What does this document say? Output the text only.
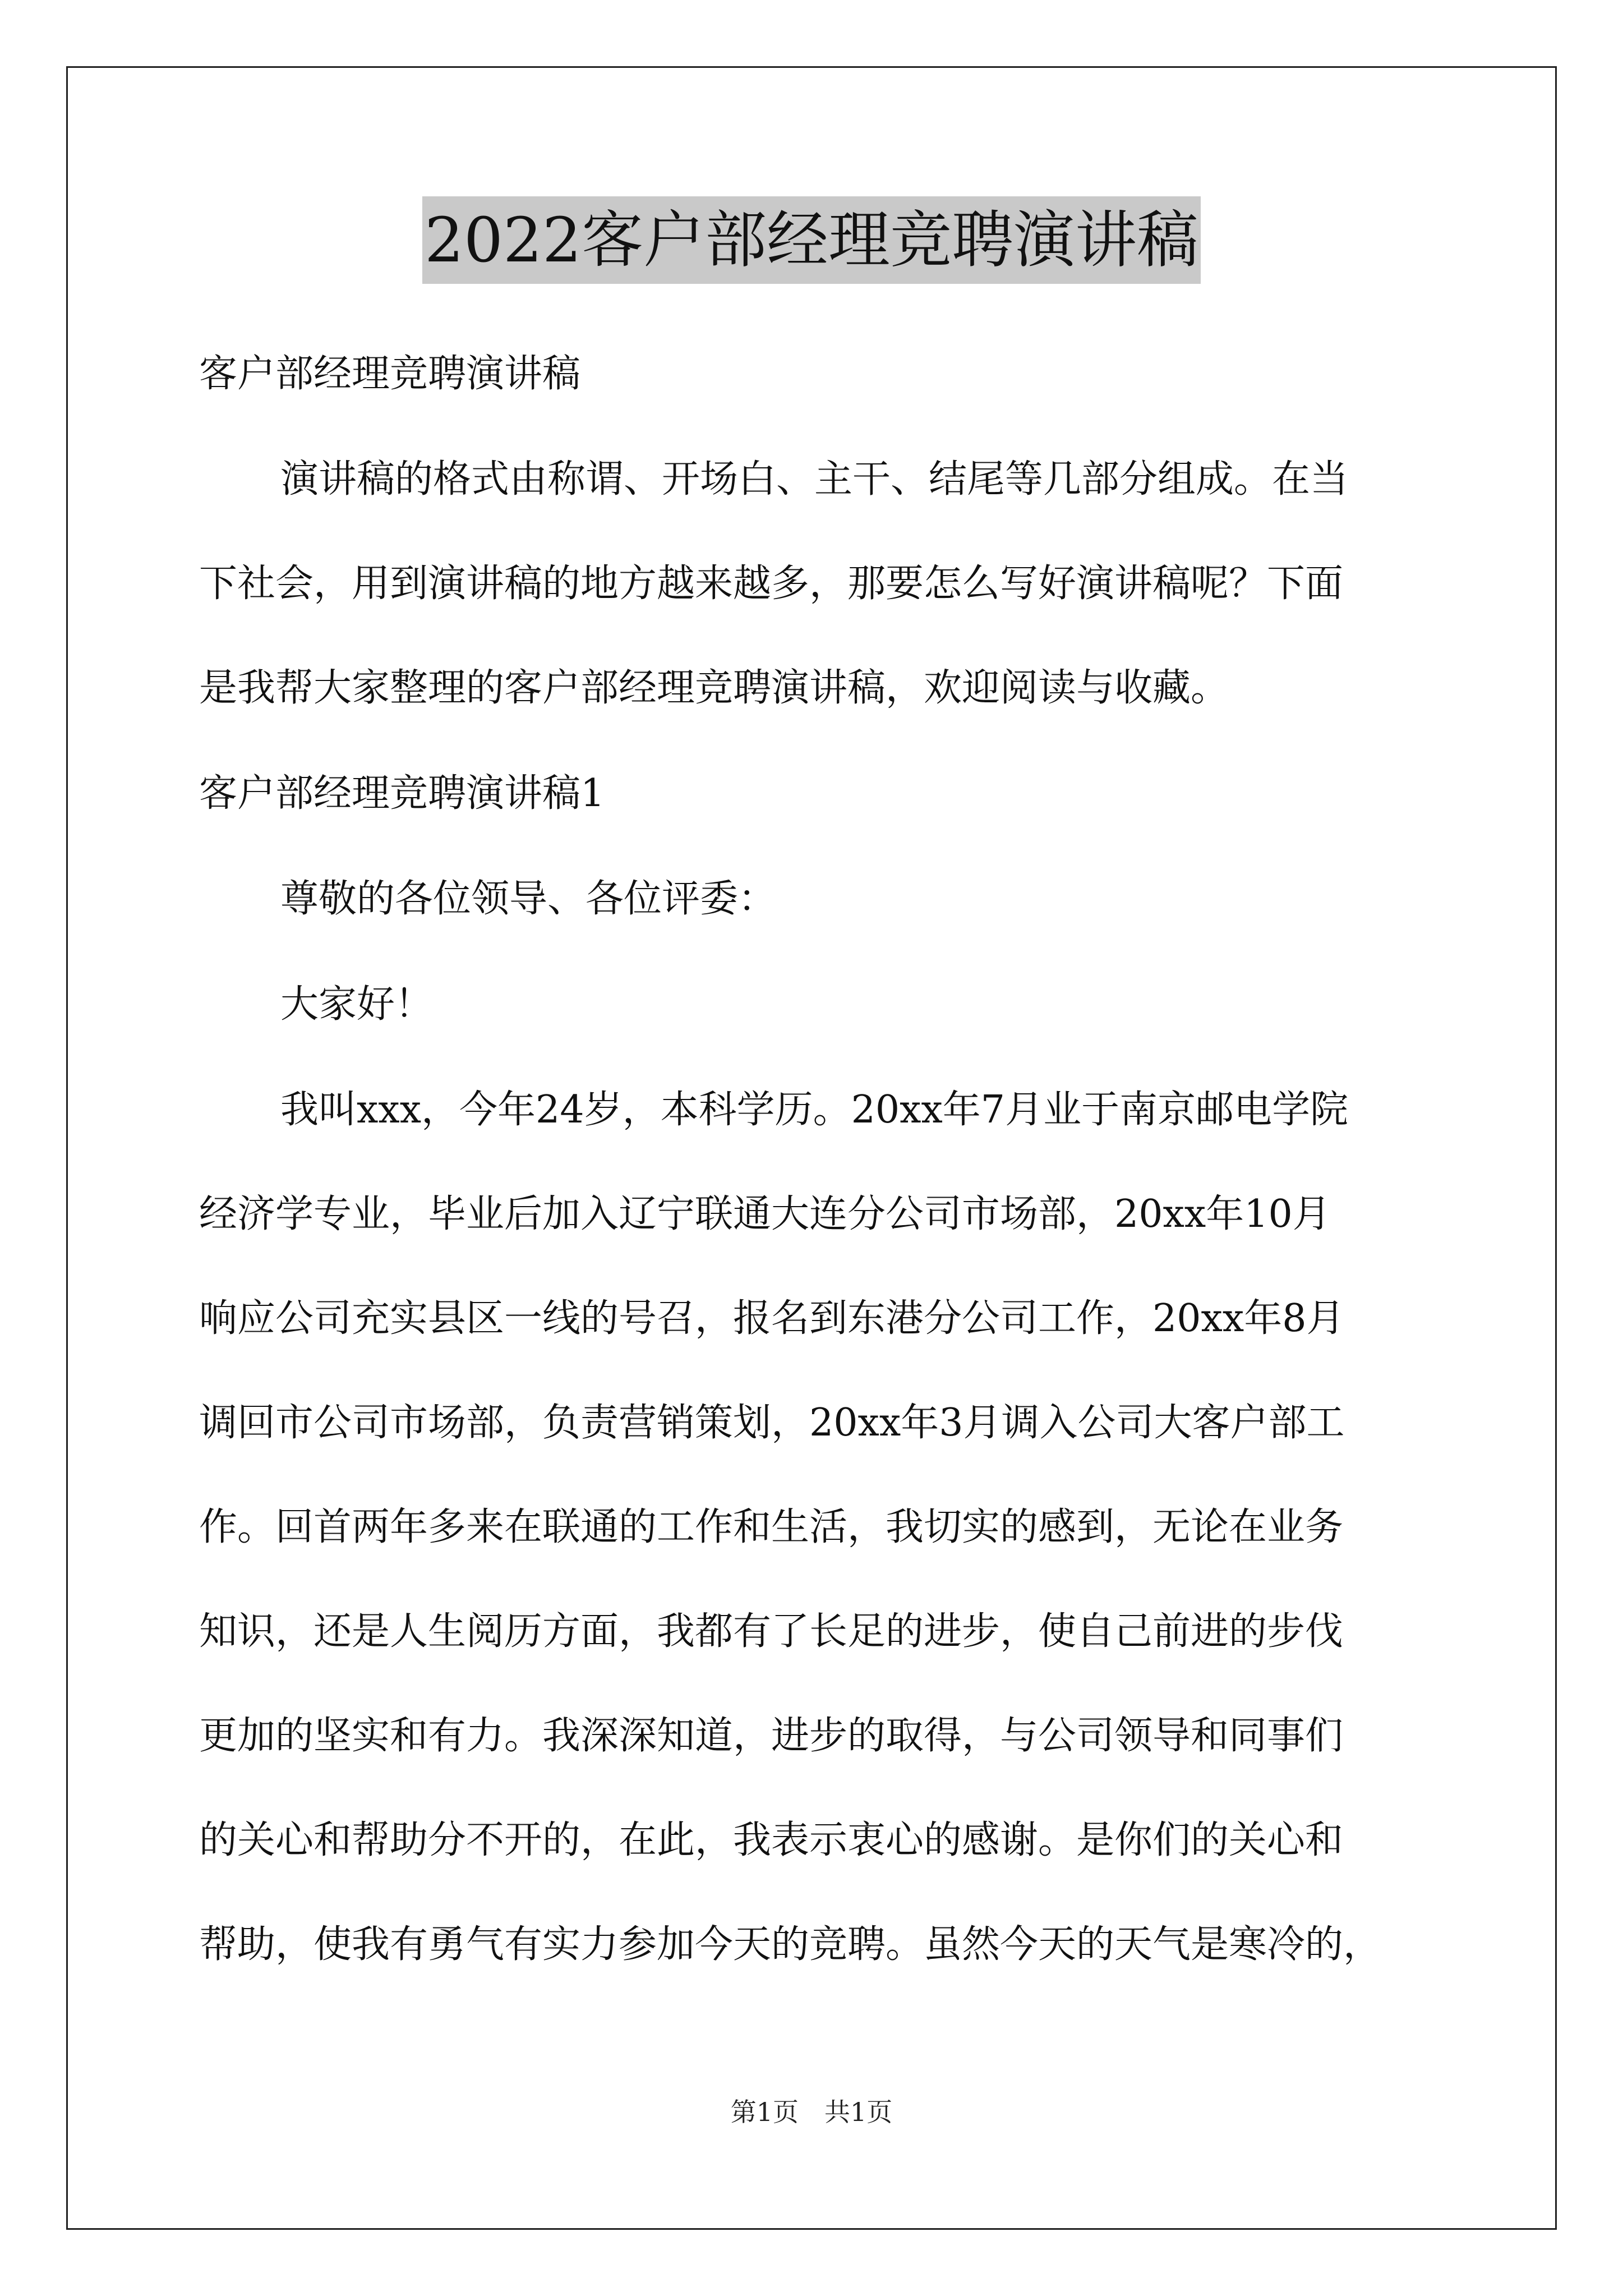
2022客户部经理竞聘演讲稿
客户部经理竞聘演讲稿
演讲稿的格式由称谓、开场白、主干、结尾等几部分组成。在当
下社会，用到演讲稿的地方越来越多，那要怎么写好演讲稿呢？下面
是我帮大家整理的客户部经理竞聘演讲稿，欢迎阅读与收藏。
客户部经理竞聘演讲稿1
尊敬的各位领导、各位评委：
大家好！
我叫xxx，今年24岁，本科学历。20xx年7月业于南京邮电学院
经济学专业，毕业后加入辽宁联通大连分公司市场部，20xx年10月
响应公司充实县区一线的号召，报名到东港分公司工作，20xx年8月
调回市公司市场部，负责营销策划，20xx年3月调入公司大客户部工
作。回首两年多来在联通的工作和生活，我切实的感到，无论在业务
知识，还是人生阅历方面，我都有了长足的进步，使自己前进的步伐
更加的坚实和有力。我深深知道，进步的取得，与公司领导和同事们
的关心和帮助分不开的，在此，我表示衷心的感谢。是你们的关心和
帮助，使我有勇气有实力参加今天的竞聘。虽然今天的天气是寒冷的，
第1页　共1页
